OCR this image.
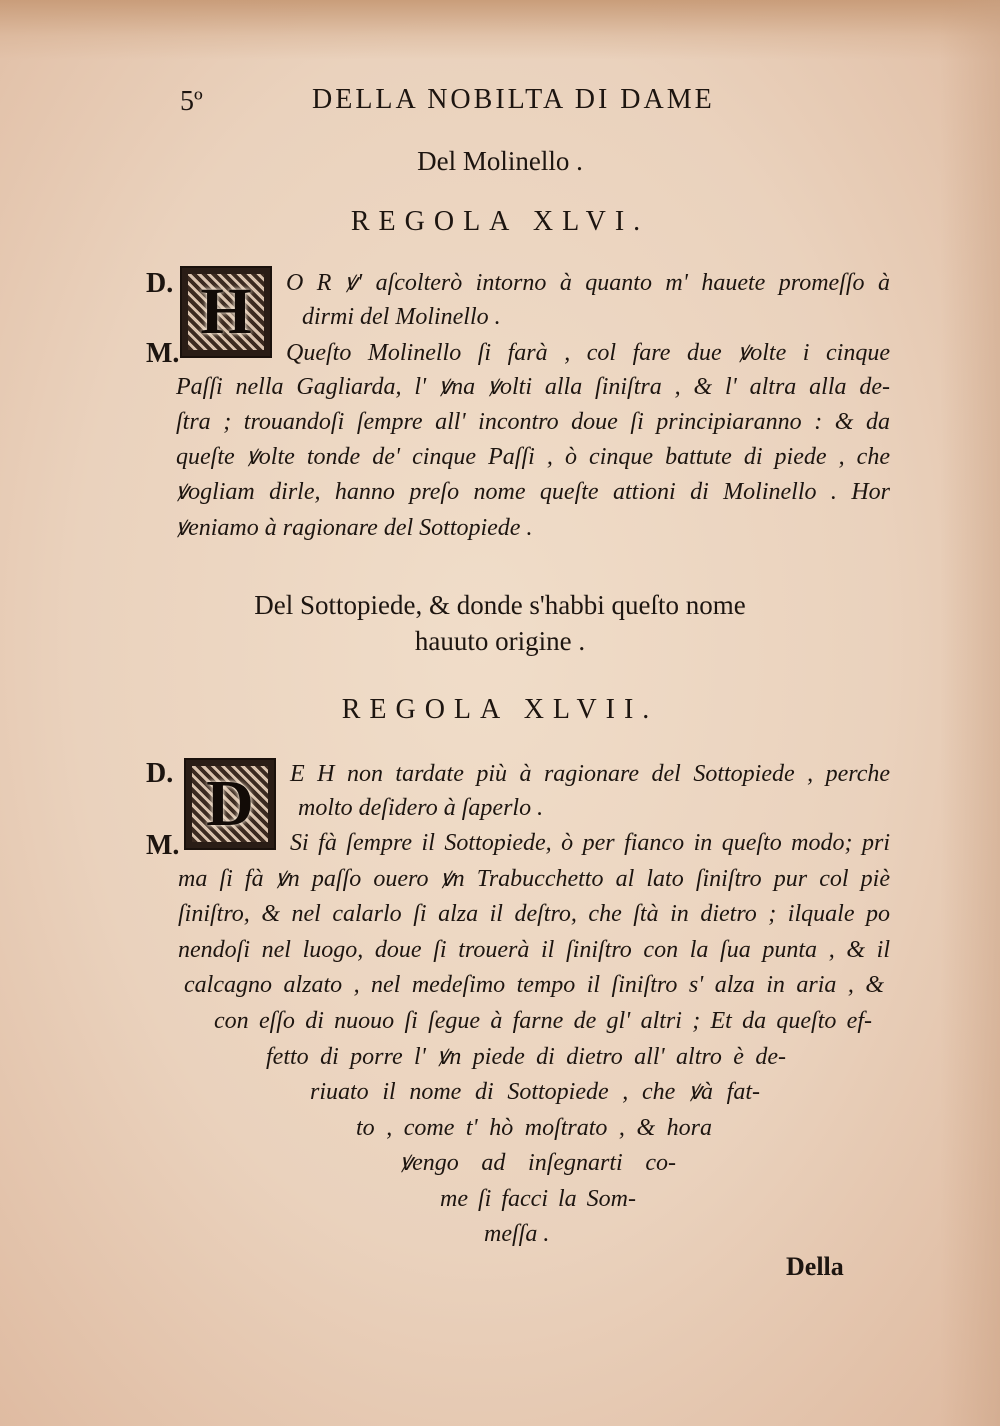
5º	DELLA NOBILTA DI DAME
Del Molinello .
REGOLA XLVI.
D. H
M.
O R ꝟ' aſcolterò intorno à quanto m' hauete promeſſo à
dirmi del Molinello .
Queſto Molinello ſi farà , col fare due ꝟolte i cinque
Paſſi nella Gagliarda, l' ꝟna ꝟolti alla ſiniſtra , & l' altra alla de-
ſtra ; trouandoſi ſempre all' incontro doue ſi principiaranno : & da
queſte ꝟolte tonde de' cinque Paſſi , ò cinque battute di piede , che
ꝟogliam dirle, hanno preſo nome queſte attioni di Molinello . Hor
ꝟeniamo à ragionare del Sottopiede .
Del Sottopiede, & donde s'habbi queſto nome
hauuto origine .
REGOLA XLVII.
D. D
M.
E H non tardate più à ragionare del Sottopiede , perche
molto deſidero à ſaperlo .
Si fà ſempre il Sottopiede, ò per fianco in queſto modo; pri
ma ſi fà ꝟn paſſo ouero ꝟn Trabucchetto al lato ſiniſtro pur col piè
ſiniſtro, & nel calarlo ſi alza il deſtro, che ſtà in dietro ; ilquale po
nendoſi nel luogo, doue ſi trouerà il ſiniſtro con la ſua punta , & il
calcagno alzato , nel medeſimo tempo il ſiniſtro s' alza in aria , &
con eſſo di nuouo ſi ſegue à farne de gl' altri ; Et da queſto ef-
fetto di porre l' ꝟn piede di dietro all' altro è de-
riuato il nome di Sottopiede , che ꝟà fat-
to , come t' hò moſtrato , & hora
ꝟengo ad inſegnarti co-
me ſi facci la Som-
meſſa .
Della
